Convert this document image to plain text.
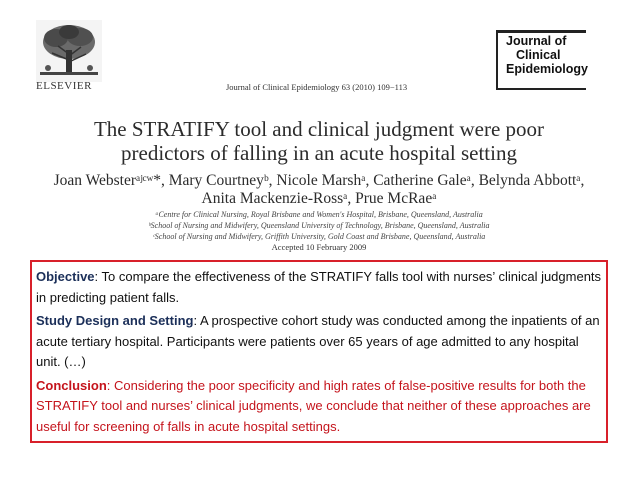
ELSEVIER	Journal of Clinical Epidemiology 63 (2010) 109−113
Journal of
Clinical
Epidemiology
The STRATIFY tool and clinical judgment were poor
predictors of falling in an acute hospital setting
Joan Websterᵃʲᶜʷ*, Mary Courtneyᵇ, Nicole Marshᵃ, Catherine Galeᵃ, Belynda Abbottᵃ,
Anita Mackenzie-Rossᵃ, Prue McRaeᵃ
ᵃCentre for Clinical Nursing, Royal Brisbane and Women's Hospital, Brisbane, Queensland, Australia
ᵇSchool of Nursing and Midwifery, Queensland University of Technology, Brisbane, Queensland, Australia
ᶜSchool of Nursing and Midwifery, Griffith University, Gold Coast and Brisbane, Queensland, Australia
Accepted 10 February 2009

Objective: To compare the effectiveness of the STRATIFY falls tool with nurses’ clinical judgments in predicting patient falls.

Study Design and Setting: A prospective cohort study was conducted among the inpatients of an acute tertiary hospital. Participants were patients over 65 years of age admitted to any hospital unit. (…)

Conclusion: Considering the poor specificity and high rates of false-positive results for both the STRATIFY tool and nurses’ clinical judgments, we conclude that neither of these approaches are useful for screening of falls in acute hospital settings.
